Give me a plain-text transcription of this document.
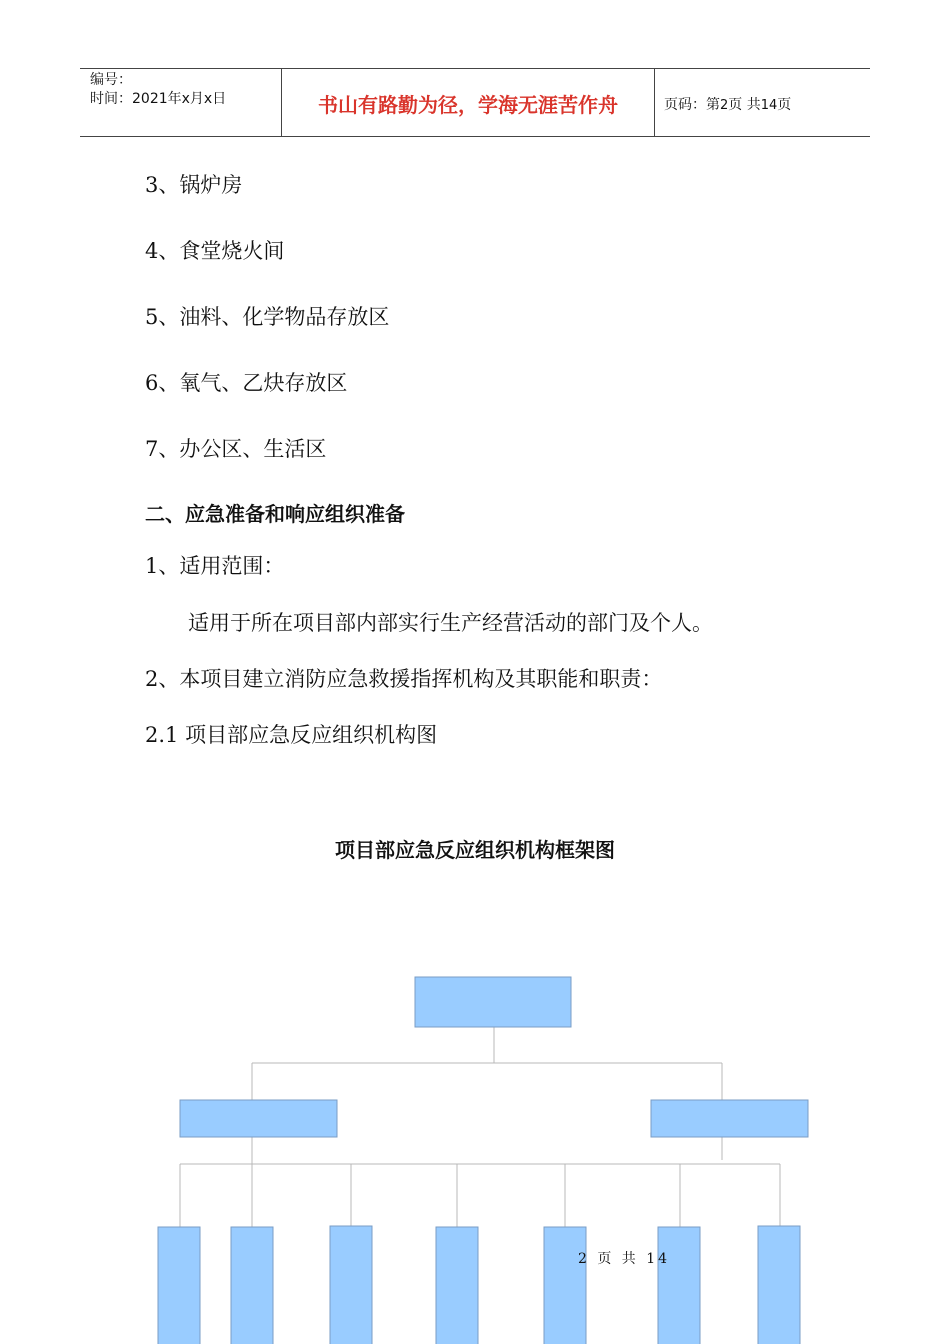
编号：
时间：2021年x月x日	书山有路勤为径，学海无涯苦作舟	页码：第2页 共14页
3、锅炉房
4、食堂烧火间
5、油料、化学物品存放区
6、氧气、乙炔存放区
7、办公区、生活区
二、应急准备和响应组织准备
1、适用范围：
适用于所在项目部内部实行生产经营活动的部门及个人。
2、本项目建立消防应急救援指挥机构及其职能和职责：
2.1 项目部应急反应组织机构图
项目部应急反应组织机构框架图
2 页 共 14
